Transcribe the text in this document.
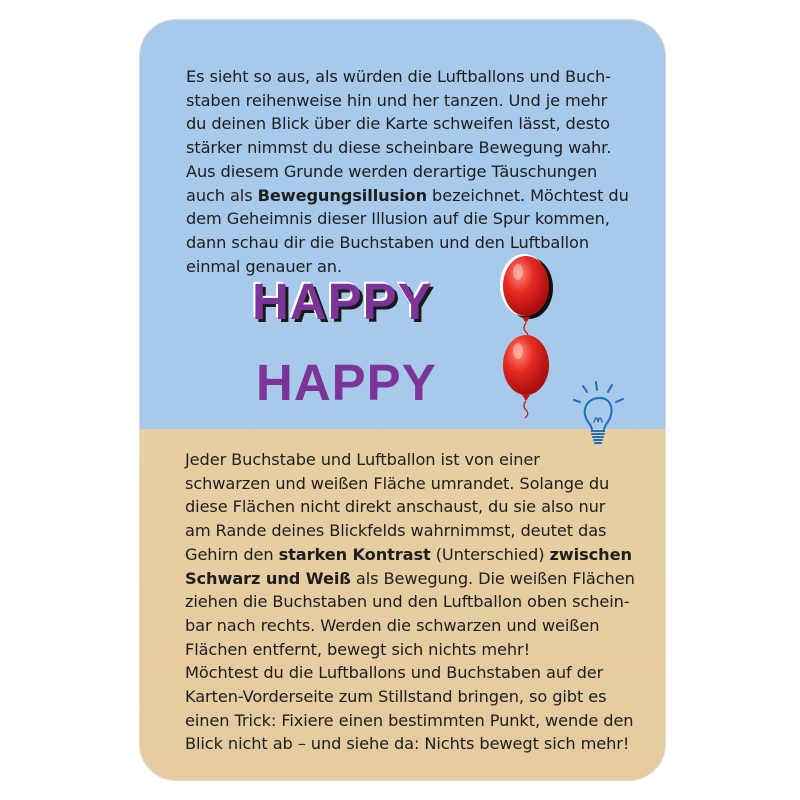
Es sieht so aus, als würden die Luftballons und Buch-
staben reihenweise hin und her tanzen. Und je mehr
du deinen Blick über die Karte schweifen lässt, desto
stärker nimmst du diese scheinbare Bewegung wahr.
Aus diesem Grunde werden derartige Täuschungen
auch als Bewegungsillusion bezeichnet. Möchtest du
dem Geheimnis dieser Illusion auf die Spur kommen,
dann schau dir die Buchstaben und den Luftballon
einmal genauer an.

HAPPY
HAPPY

Jeder Buchstabe und Luftballon ist von einer
schwarzen und weißen Fläche umrandet. Solange du
diese Flächen nicht direkt anschaust, du sie also nur
am Rande deines Blickfelds wahrnimmst, deutet das
Gehirn den starken Kontrast (Unterschied) zwischen
Schwarz und Weiß als Bewegung. Die weißen Flächen
ziehen die Buchstaben und den Luftballon oben schein-
bar nach rechts. Werden die schwarzen und weißen
Flächen entfernt, bewegt sich nichts mehr!
Möchtest du die Luftballons und Buchstaben auf der
Karten-Vorderseite zum Stillstand bringen, so gibt es
einen Trick: Fixiere einen bestimmten Punkt, wende den
Blick nicht ab – und siehe da: Nichts bewegt sich mehr!
